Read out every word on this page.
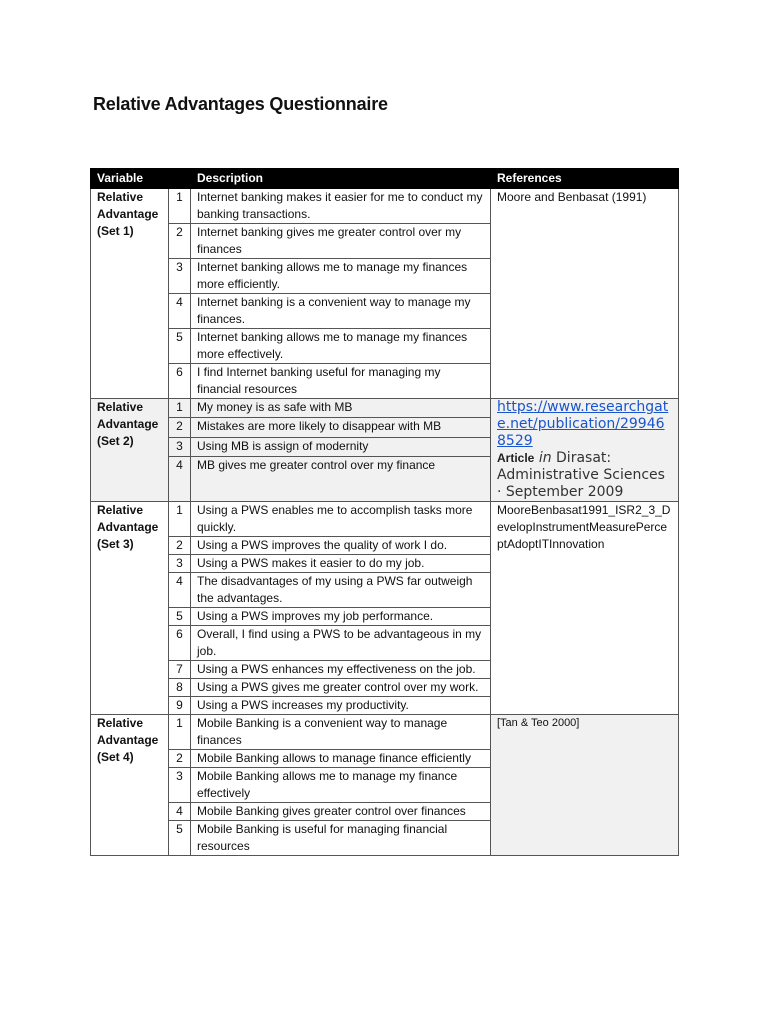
Relative Advantages Questionnaire
Variable		Description	References
Relative
Advantage
(Set 1)	1	Internet banking makes it easier for me to conduct my banking transactions.	Moore and Benbasat (1991)
	2	Internet banking gives me greater control over my finances	
	3	Internet banking allows me to manage my finances more efficiently.	
	4	Internet banking is a convenient way to manage my finances.	
	5	Internet banking allows me to manage my finances more effectively.	
	6	I find Internet banking useful for managing my financial resources	
Relative
Advantage
(Set 2)	1	My money is as safe with MB	https://www.researchgate.net/publication/299468529
Article in Dirasat: Administrative Sciences · September 2009
	2	Mistakes are more likely to disappear with MB	
	3	Using MB is assign of modernity	
	4	MB gives me greater control over my finance	
Relative
Advantage
(Set 3)	1	Using a PWS enables me to accomplish tasks more quickly.	MooreBenbasat1991_ISR2_3_DevelopInstrumentMeasurePerceptAdoptITInnovation
	2	Using a PWS improves the quality of work I do.	
	3	Using a PWS makes it easier to do my job.	
	4	The disadvantages of my using a PWS far outweigh the advantages.	
	5	Using a PWS improves my job performance.	
	6	Overall, I find using a PWS to be advantageous in my job.	
	7	Using a PWS enhances my effectiveness on the job.	
	8	Using a PWS gives me greater control over my work.	
	9	Using a PWS increases my productivity.	
Relative
Advantage
(Set 4)	1	Mobile Banking is a convenient way to manage finances	[Tan & Teo 2000]
	2	Mobile Banking allows to manage finance efficiently	
	3	Mobile Banking allows me to manage my finance effectively	
	4	Mobile Banking gives greater control over finances	
	5	Mobile Banking is useful for managing financial resources	
